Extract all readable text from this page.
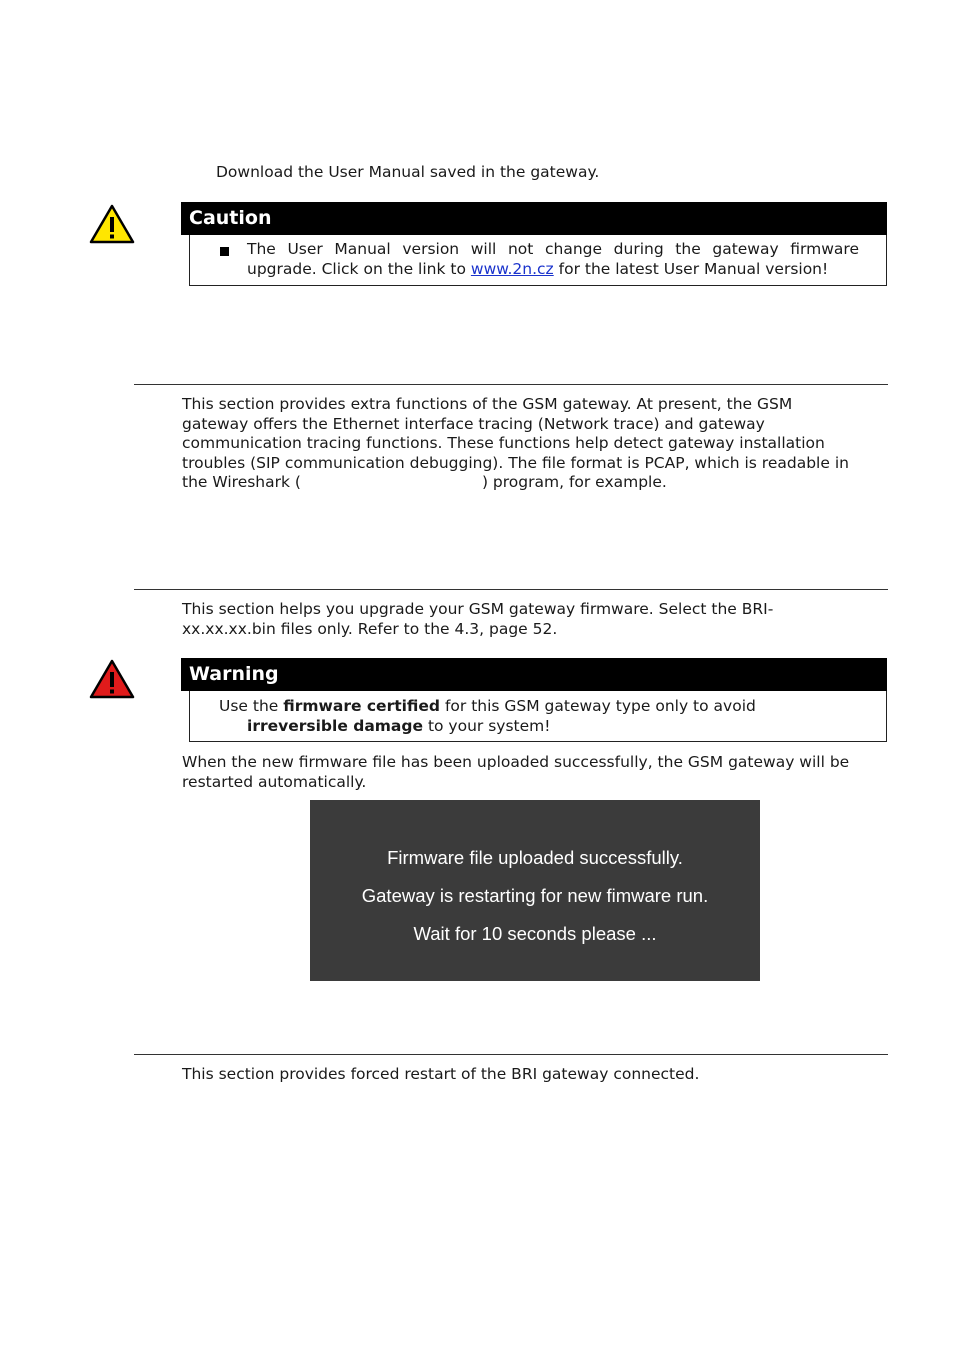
Download the User Manual saved in the gateway.
Caution
The User Manual version will not change during the gateway firmware
upgrade. Click on the link to www.2n.cz for the latest User Manual version!
This section provides extra functions of the GSM gateway. At present, the GSM
gateway offers the Ethernet interface tracing (Network trace) and gateway
communication tracing functions. These functions help detect gateway installation
troubles (SIP communication debugging). The file format is PCAP, which is readable in
the Wireshark (	) program, for example.
This section helps you upgrade your GSM gateway firmware. Select the BRI-
xx.xx.xx.bin files only. Refer to the 4.3, page 52.
Warning
Use the firmware certified for this GSM gateway type only to avoid
irreversible damage to your system!
When the new firmware file has been uploaded successfully, the GSM gateway will be
restarted automatically.
Firmware file uploaded successfully.
Gateway is restarting for new fimware run.
Wait for 10 seconds please ...
This section provides forced restart of the BRI gateway connected.
